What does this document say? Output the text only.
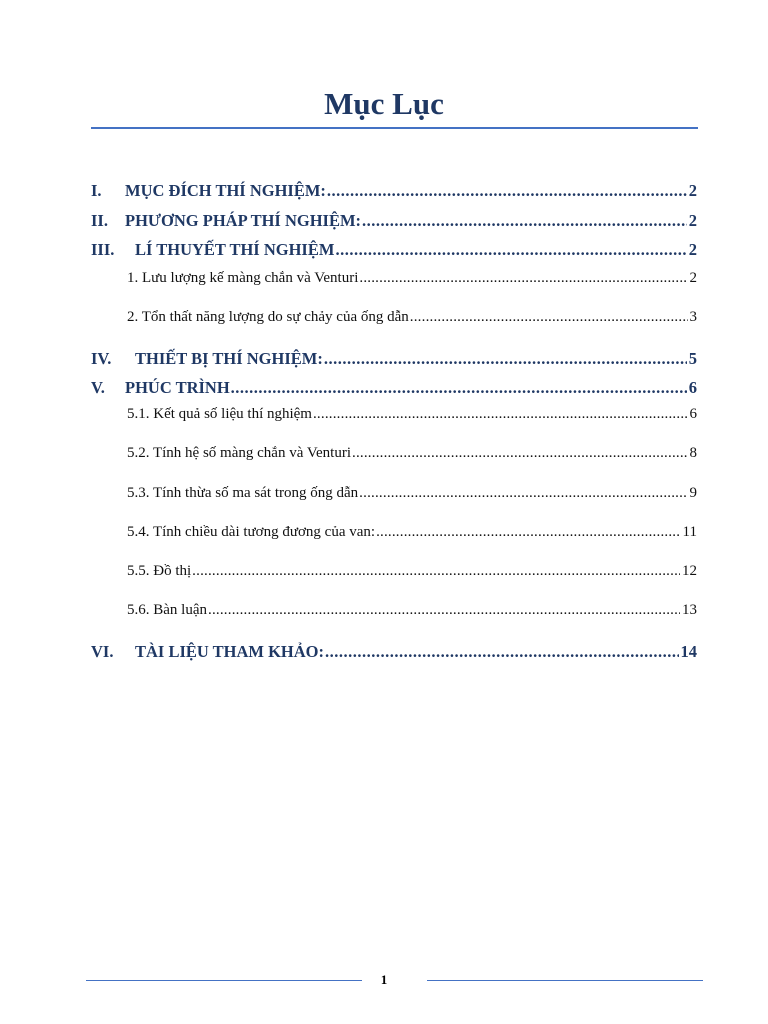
Mục Lục
I.	MỤC ĐÍCH THÍ NGHIỆM: .....	2
II.	PHƯƠNG PHÁP THÍ NGHIỆM: .....	2
III.	LÍ THUYẾT THÍ NGHIỆM .....	2
1. Lưu lượng kế màng chắn và Venturi .....	2
2. Tổn thất năng lượng do sự chảy của ống dẫn .....	3
IV.	THIẾT BỊ THÍ NGHIỆM: .....	5
V.	PHÚC TRÌNH .....	6
5.1. Kết quả số liệu thí nghiệm .....	6
5.2. Tính hệ số màng chắn và Venturi .....	8
5.3. Tính thừa số ma sát trong ống dẫn .....	9
5.4. Tính chiều dài tương đương của van: .....	11
5.5. Đồ thị .....	12
5.6. Bàn luận .....	13
VI.	TÀI LIỆU THAM KHẢO: .....	14
1
